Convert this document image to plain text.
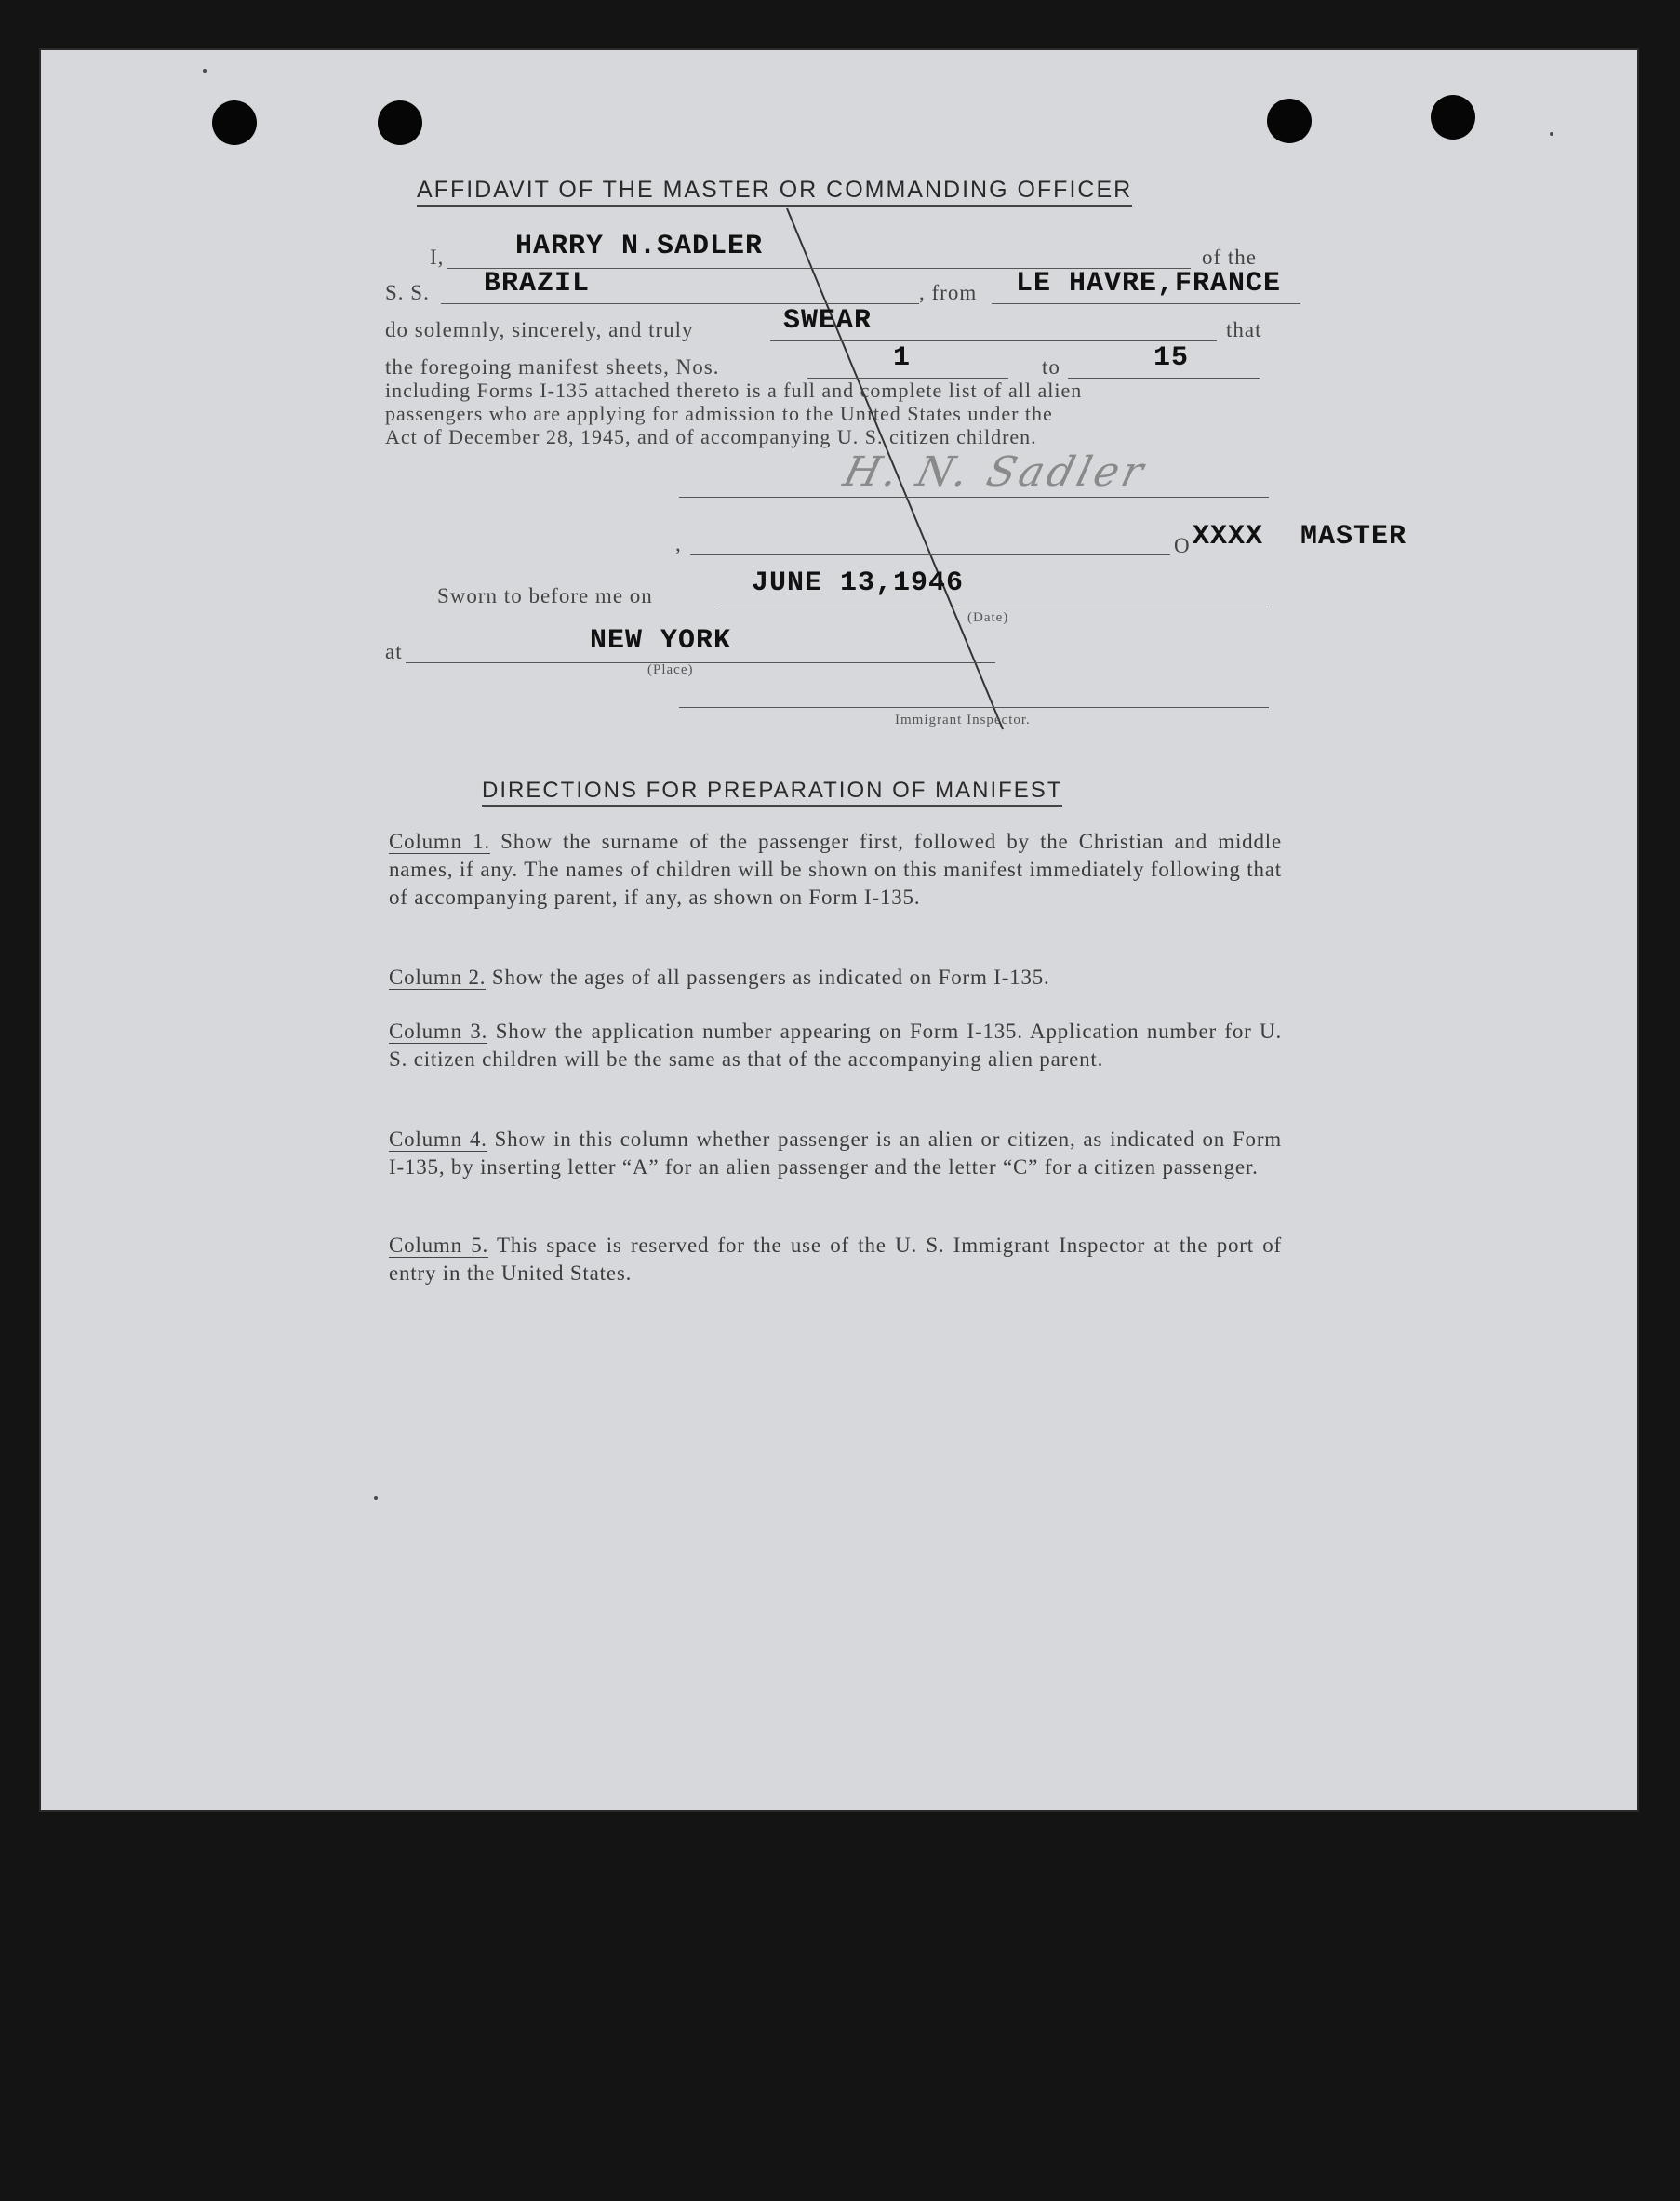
AFFIDAVIT OF THE MASTER OR COMMANDING OFFICER
I,	HARRY N.SADLER	of the
S. S. BRAZIL	, from LE HAVRE,FRANCE
do solemnly, sincerely, and truly	SWEAR	that
the foregoing manifest sheets, Nos.	1	to	15
including Forms I-135 attached thereto is a full and complete list of all alien
passengers who are applying for admission to the United States under the
Act of December 28, 1945, and of accompanying U. S. citizen children.
H. N. Sadler
,	O XXXX MASTER
Sworn to before me on	JUNE 13,1946
(Date)
at	NEW YORK
(Place)
Immigrant Inspector.
DIRECTIONS FOR PREPARATION OF MANIFEST
Column 1. Show the surname of the passenger first, followed by the Christian and middle names, if any. The names of children will be shown on this manifest immediately following that of accompanying parent, if any, as shown on Form I-135.
Column 2. Show the ages of all passengers as indicated on Form I-135.
Column 3. Show the application number appearing on Form I-135. Application number for U. S. citizen children will be the same as that of the accompanying alien parent.
Column 4. Show in this column whether passenger is an alien or citizen, as indicated on Form I-135, by inserting letter “A” for an alien passenger and the letter “C” for a citizen passenger.
Column 5. This space is reserved for the use of the U. S. Immigrant Inspector at the port of entry in the United States.
